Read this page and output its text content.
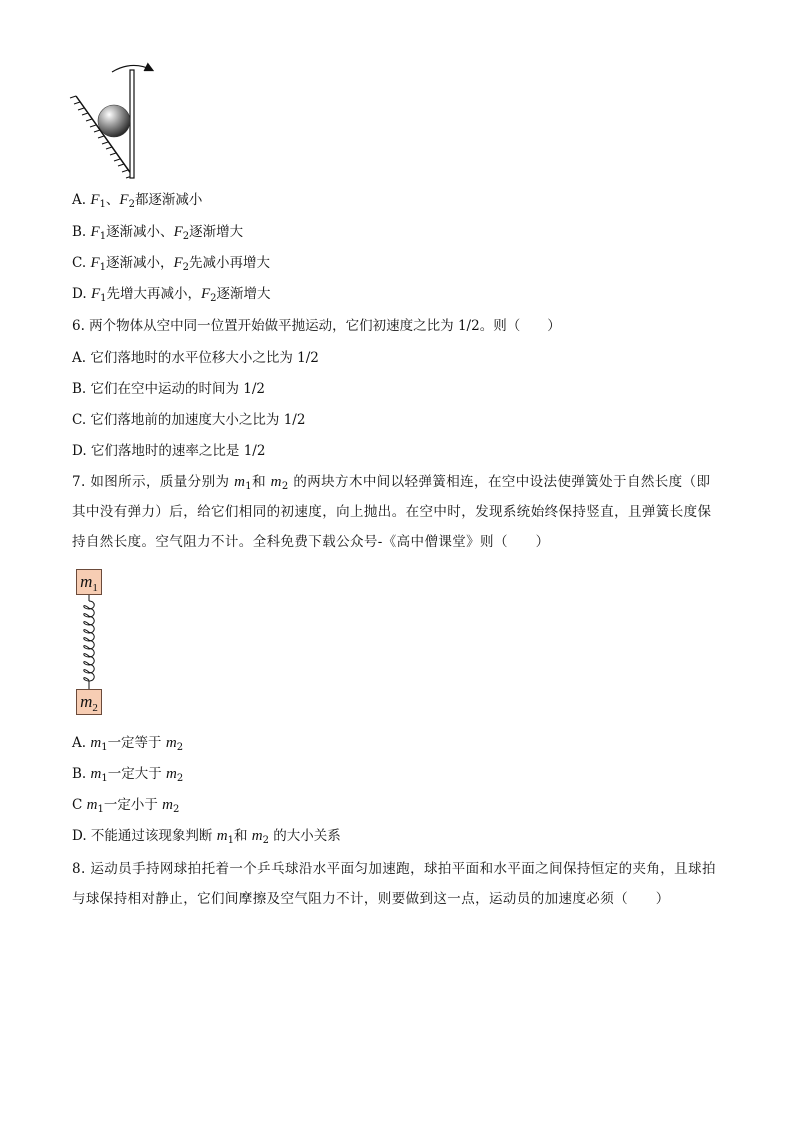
A. $F_1$、$F_2$都逐渐减小
B. $F_1$逐渐减小、$F_2$逐渐增大
C. $F_1$逐渐减小，$F_2$先减小再增大
D. $F_1$先增大再减小，$F_2$逐渐增大
6. 两个物体从空中同一位置开始做平抛运动，它们初速度之比为 1/2。则（　　）
A. 它们落地时的水平位移大小之比为 1/2
B. 它们在空中运动的时间为 1/2
C. 它们落地前的加速度大小之比为 1/2
D. 它们落地时的速率之比是 1/2
7. 如图所示，质量分别为 $m_1$和 $m_2$ 的两块方木中间以轻弹簧相连，在空中设法使弹簧处于自然长度（即其中没有弹力）后，给它们相同的初速度，向上抛出。在空中时，发现系统始终保持竖直，且弹簧长度保持自然长度。空气阻力不计。全科免费下载公众号-《高中僧课堂》则（　　）
$m_1$
$m_2$
A. $m_1$一定等于 $m_2$
B. $m_1$一定大于 $m_2$
C $m_1$一定小于 $m_2$
D. 不能通过该现象判断 $m_1$和 $m_2$ 的大小关系
8. 运动员手持网球拍托着一个乒乓球沿水平面匀加速跑，球拍平面和水平面之间保持恒定的夹角，且球拍与球保持相对静止，它们间摩擦及空气阻力不计，则要做到这一点，运动员的加速度必须（　　）
